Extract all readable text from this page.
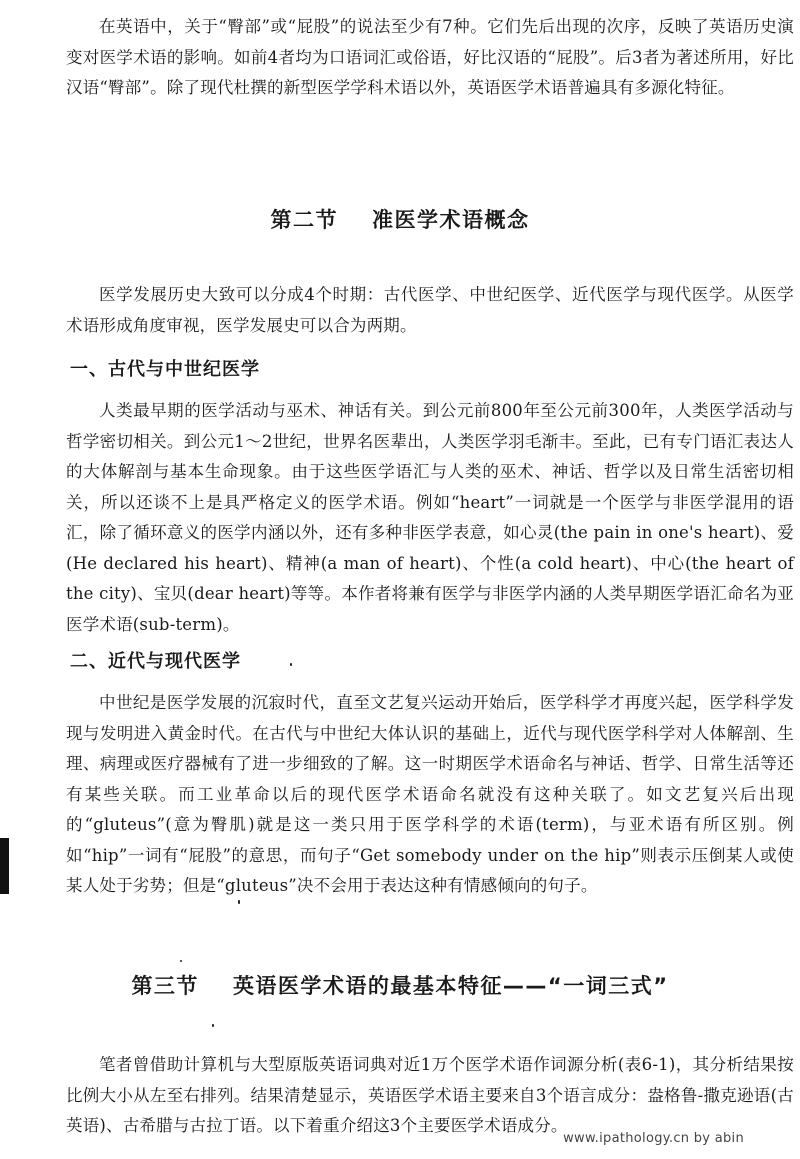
在英语中，关于“臀部”或“屁股”的说法至少有7种。它们先后出现的次序，反映了英语历史演变对医学术语的影响。如前4者均为口语词汇或俗语，好比汉语的“屁股”。后3者为著述所用，好比汉语“臀部”。除了现代杜撰的新型医学学科术语以外，英语医学术语普遍具有多源化特征。

第二节 准医学术语概念

医学发展历史大致可以分成4个时期：古代医学、中世纪医学、近代医学与现代医学。从医学术语形成角度审视，医学发展史可以合为两期。

一、古代与中世纪医学

人类最早期的医学活动与巫术、神话有关。到公元前800年至公元前300年，人类医学活动与哲学密切相关。到公元1～2世纪，世界名医辈出，人类医学羽毛渐丰。至此，已有专门语汇表达人的大体解剖与基本生命现象。由于这些医学语汇与人类的巫术、神话、哲学以及日常生活密切相关，所以还谈不上是具严格定义的医学术语。例如“heart”一词就是一个医学与非医学混用的语汇，除了循环意义的医学内涵以外，还有多种非医学表意，如心灵(the pain in one's heart)、爱(He declared his heart)、精神(a man of heart)、个性(a cold heart)、中心(the heart of the city)、宝贝(dear heart)等等。本作者将兼有医学与非医学内涵的人类早期医学语汇命名为亚医学术语(sub-term)。

二、近代与现代医学

中世纪是医学发展的沉寂时代，直至文艺复兴运动开始后，医学科学才再度兴起，医学科学发现与发明进入黄金时代。在古代与中世纪大体认识的基础上，近代与现代医学科学对人体解剖、生理、病理或医疗器械有了进一步细致的了解。这一时期医学术语命名与神话、哲学、日常生活等还有某些关联。而工业革命以后的现代医学术语命名就没有这种关联了。如文艺复兴后出现的“gluteus”(意为臀肌)就是这一类只用于医学科学的术语(term)，与亚术语有所区别。例如“hip”一词有“屁股”的意思，而句子“Get somebody under on the hip”则表示压倒某人或使某人处于劣势；但是“gluteus”决不会用于表达这种有情感倾向的句子。

第三节 英语医学术语的最基本特征——“一词三式”

笔者曾借助计算机与大型原版英语词典对近1万个医学术语作词源分析(表6-1)，其分析结果按比例大小从左至右排列。结果清楚显示，英语医学术语主要来自3个语言成分：盎格鲁-撒克逊语(古英语)、古希腊与古拉丁语。以下着重介绍这3个主要医学术语成分。

www.ipathology.cn by abin
